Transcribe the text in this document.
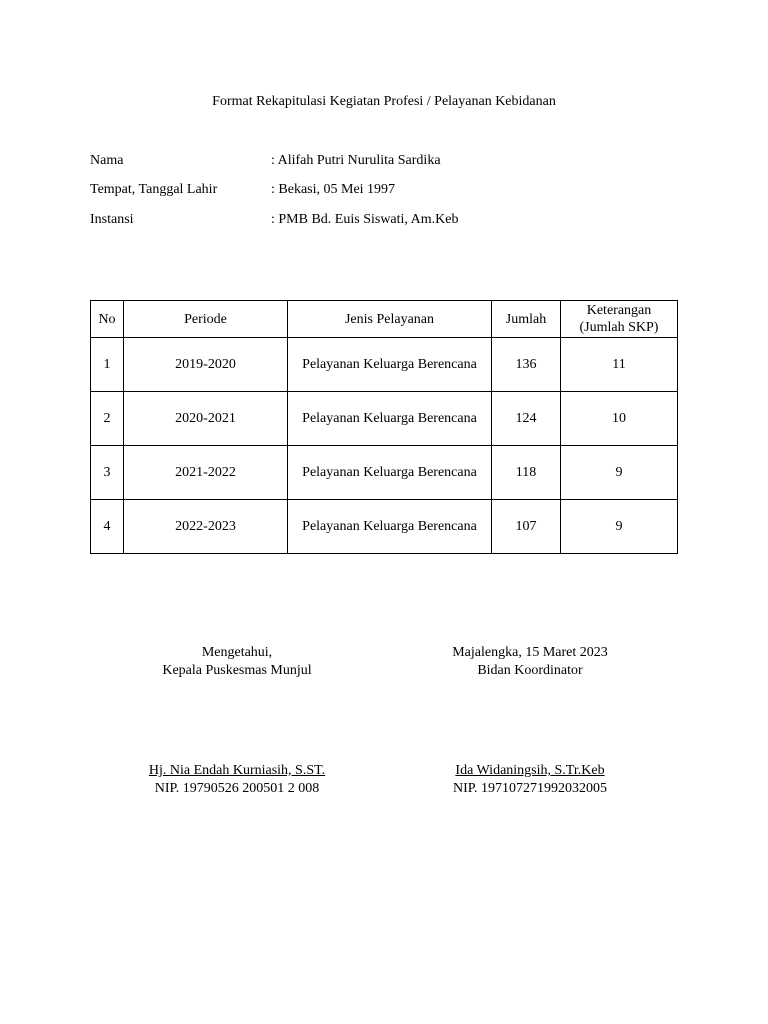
Format Rekapitulasi Kegiatan Profesi / Pelayanan Kebidanan
Nama	: Alifah Putri Nurulita Sardika
Tempat, Tanggal Lahir	: Bekasi, 05 Mei 1997
Instansi	: PMB Bd. Euis Siswati, Am.Keb
No	Periode	Jenis Pelayanan	Jumlah	Keterangan
(Jumlah SKP)
1	2019-2020	Pelayanan Keluarga Berencana	136	11
2	2020-2021	Pelayanan Keluarga Berencana	124	10
3	2021-2022	Pelayanan Keluarga Berencana	118	9
4	2022-2023	Pelayanan Keluarga Berencana	107	9
Mengetahui,
Kepala Puskesmas Munjul
Majalengka, 15 Maret 2023
Bidan Koordinator
Hj. Nia Endah Kurniasih, S.ST.
NIP. 19790526 200501 2 008
Ida Widaningsih, S.Tr.Keb
NIP. 197107271992032005
